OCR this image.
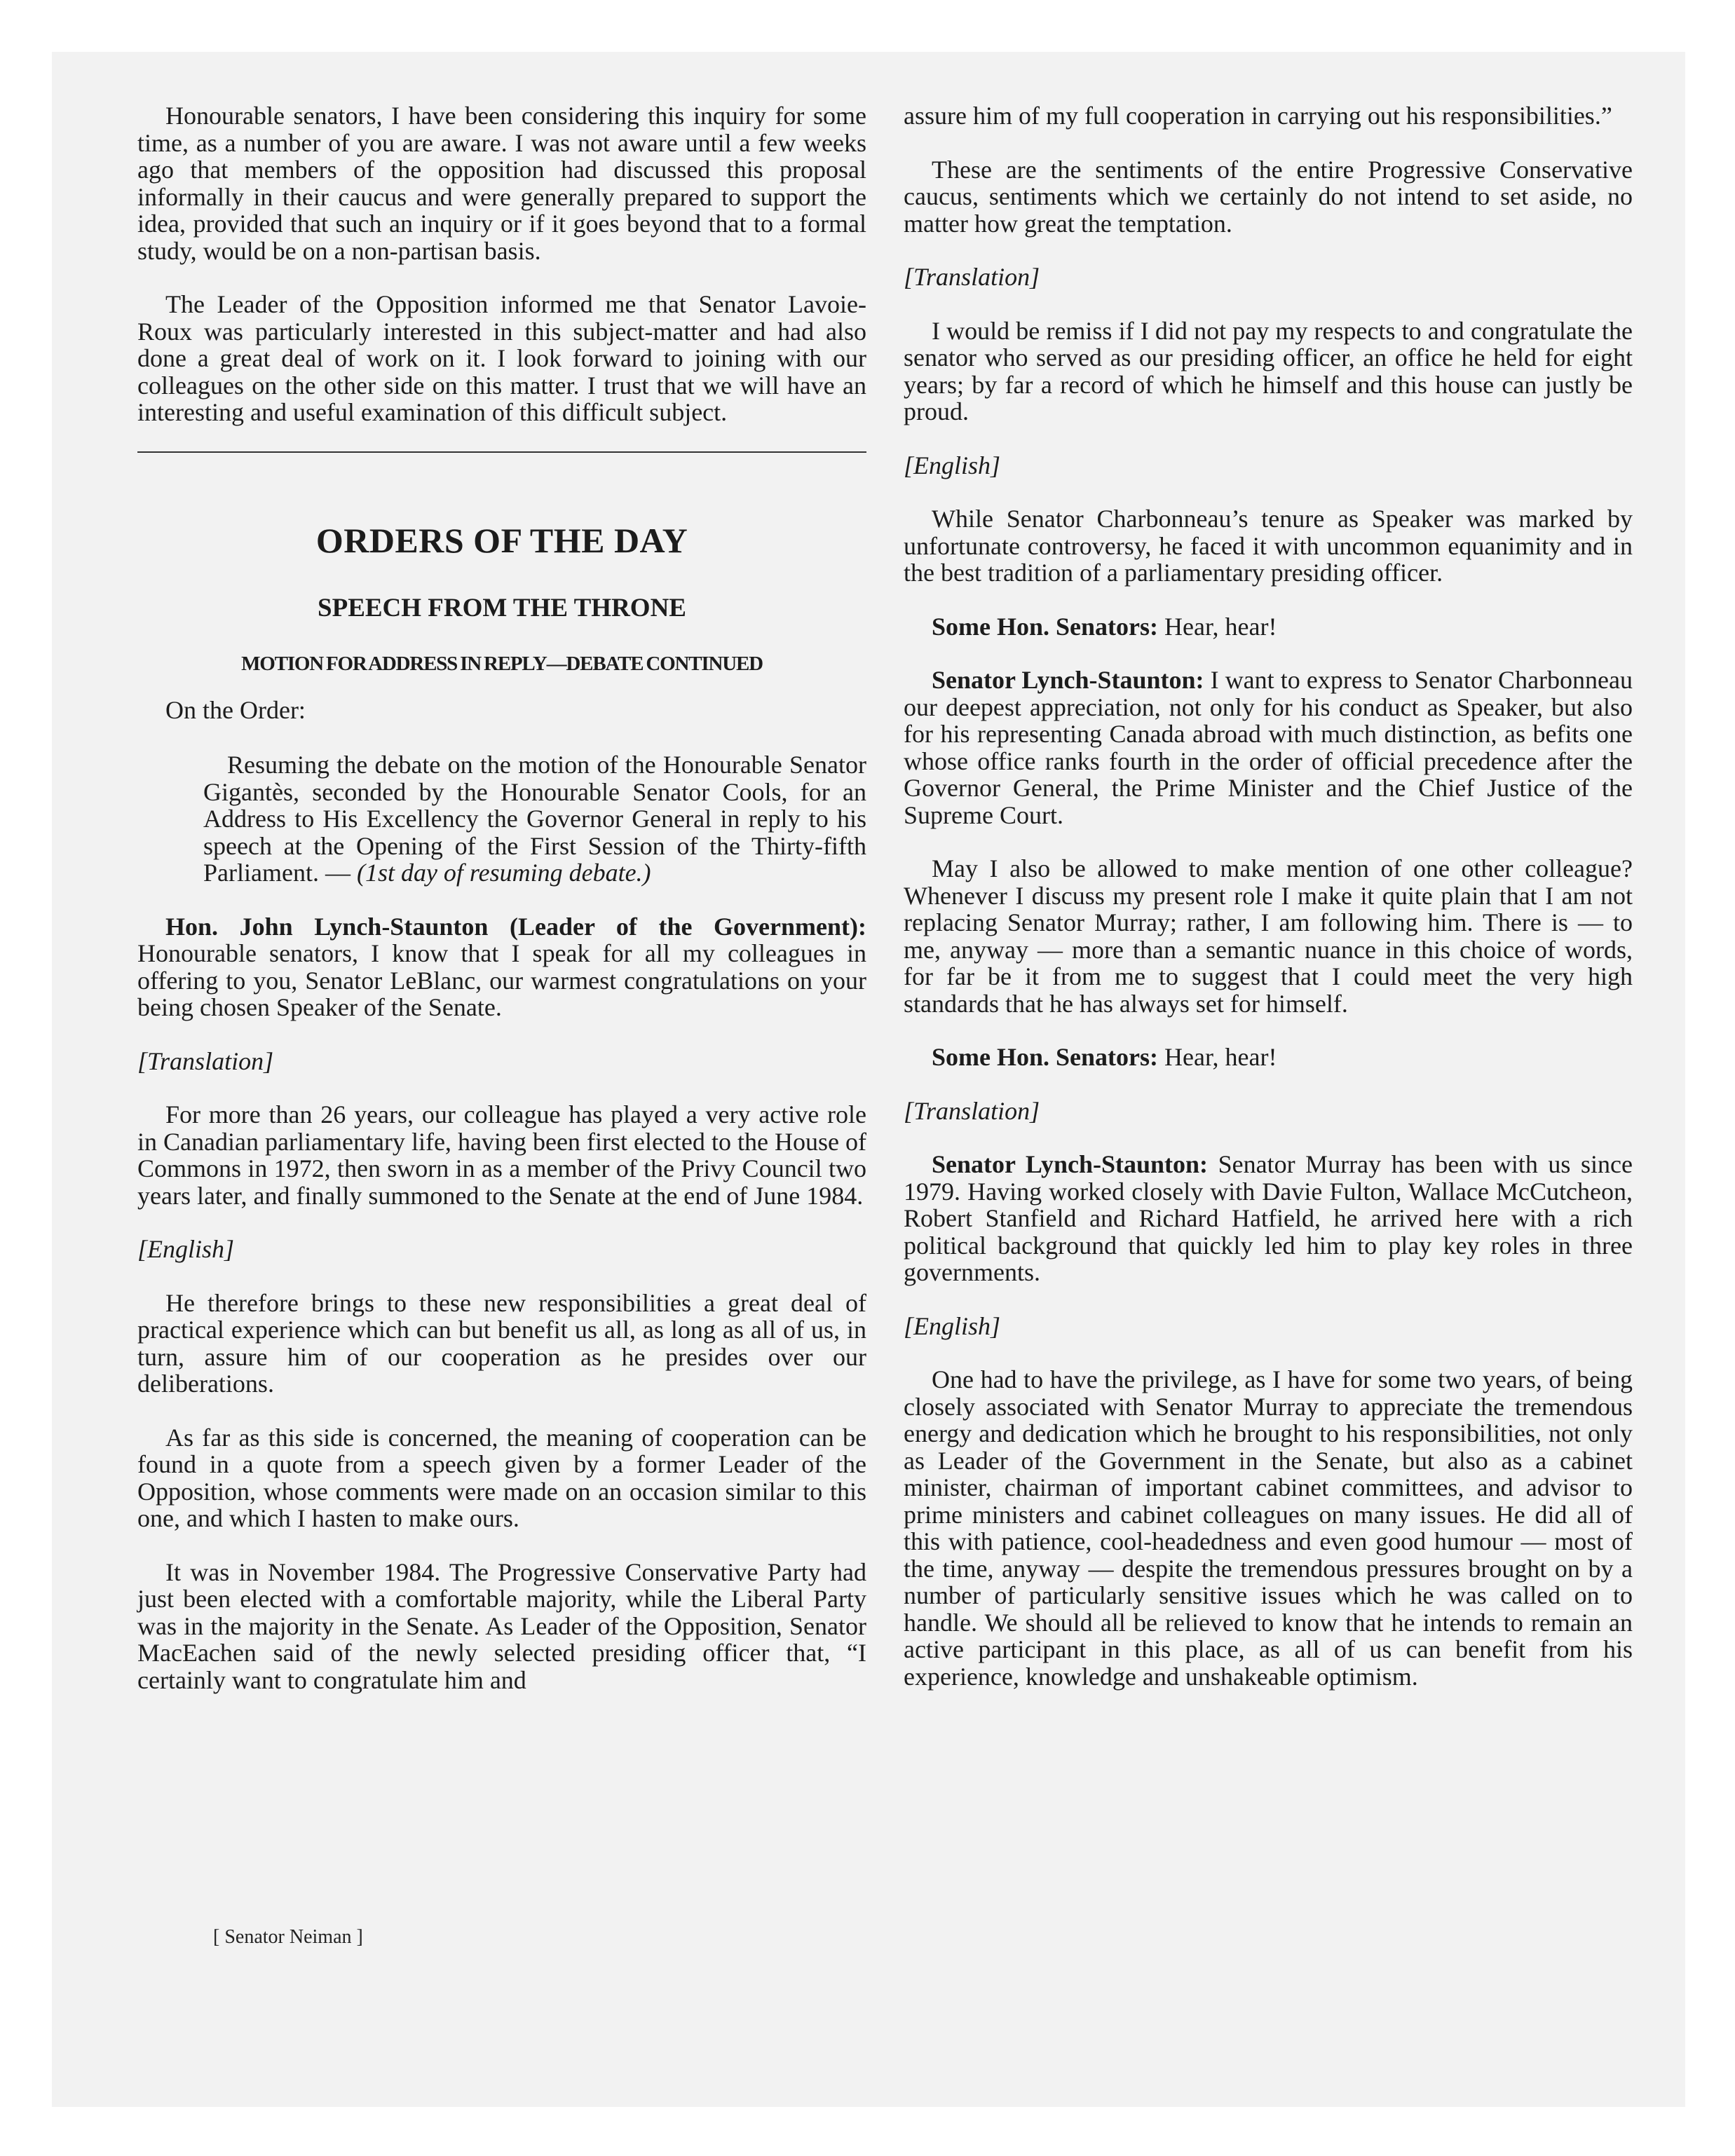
Honourable senators, I have been considering this inquiry for some time, as a number of you are aware. I was not aware until a few weeks ago that members of the opposition had discussed this proposal informally in their caucus and were generally prepared to support the idea, provided that such an inquiry or if it goes beyond that to a formal study, would be on a non-partisan basis.

The Leader of the Opposition informed me that Senator Lavoie-Roux was particularly interested in this subject-matter and had also done a great deal of work on it. I look forward to joining with our colleagues on the other side on this matter. I trust that we will have an interesting and useful examination of this difficult subject.

ORDERS OF THE DAY
SPEECH FROM THE THRONE
MOTION FOR ADDRESS IN REPLY—DEBATE CONTINUED

On the Order:

Resuming the debate on the motion of the Honourable Senator Gigantès, seconded by the Honourable Senator Cools, for an Address to His Excellency the Governor General in reply to his speech at the Opening of the First Session of the Thirty-fifth Parliament. — (1st day of resuming debate.)

Hon. John Lynch-Staunton (Leader of the Government): Honourable senators, I know that I speak for all my colleagues in offering to you, Senator LeBlanc, our warmest congratulations on your being chosen Speaker of the Senate.

[Translation]

For more than 26 years, our colleague has played a very active role in Canadian parliamentary life, having been first elected to the House of Commons in 1972, then sworn in as a member of the Privy Council two years later, and finally summoned to the Senate at the end of June 1984.

[English]

He therefore brings to these new responsibilities a great deal of practical experience which can but benefit us all, as long as all of us, in turn, assure him of our cooperation as he presides over our deliberations.

As far as this side is concerned, the meaning of cooperation can be found in a quote from a speech given by a former Leader of the Opposition, whose comments were made on an occasion similar to this one, and which I hasten to make ours.

It was in November 1984. The Progressive Conservative Party had just been elected with a comfortable majority, while the Liberal Party was in the majority in the Senate. As Leader of the Opposition, Senator MacEachen said of the newly selected presiding officer that, “I certainly want to congratulate him and

assure him of my full cooperation in carrying out his responsibilities.”

These are the sentiments of the entire Progressive Conservative caucus, sentiments which we certainly do not intend to set aside, no matter how great the temptation.

[Translation]

I would be remiss if I did not pay my respects to and congratulate the senator who served as our presiding officer, an office he held for eight years; by far a record of which he himself and this house can justly be proud.

[English]

While Senator Charbonneau’s tenure as Speaker was marked by unfortunate controversy, he faced it with uncommon equanimity and in the best tradition of a parliamentary presiding officer.

Some Hon. Senators: Hear, hear!

Senator Lynch-Staunton: I want to express to Senator Charbonneau our deepest appreciation, not only for his conduct as Speaker, but also for his representing Canada abroad with much distinction, as befits one whose office ranks fourth in the order of official precedence after the Governor General, the Prime Minister and the Chief Justice of the Supreme Court.

May I also be allowed to make mention of one other colleague? Whenever I discuss my present role I make it quite plain that I am not replacing Senator Murray; rather, I am following him. There is — to me, anyway — more than a semantic nuance in this choice of words, for far be it from me to suggest that I could meet the very high standards that he has always set for himself.

Some Hon. Senators: Hear, hear!

[Translation]

Senator Lynch-Staunton: Senator Murray has been with us since 1979. Having worked closely with Davie Fulton, Wallace McCutcheon, Robert Stanfield and Richard Hatfield, he arrived here with a rich political background that quickly led him to play key roles in three governments.

[English]

One had to have the privilege, as I have for some two years, of being closely associated with Senator Murray to appreciate the tremendous energy and dedication which he brought to his responsibilities, not only as Leader of the Government in the Senate, but also as a cabinet minister, chairman of important cabinet committees, and advisor to prime ministers and cabinet colleagues on many issues. He did all of this with patience, cool-headedness and even good humour — most of the time, anyway — despite the tremendous pressures brought on by a number of particularly sensitive issues which he was called on to handle. We should all be relieved to know that he intends to remain an active participant in this place, as all of us can benefit from his experience, knowledge and unshakeable optimism.

[ Senator Neiman ]
